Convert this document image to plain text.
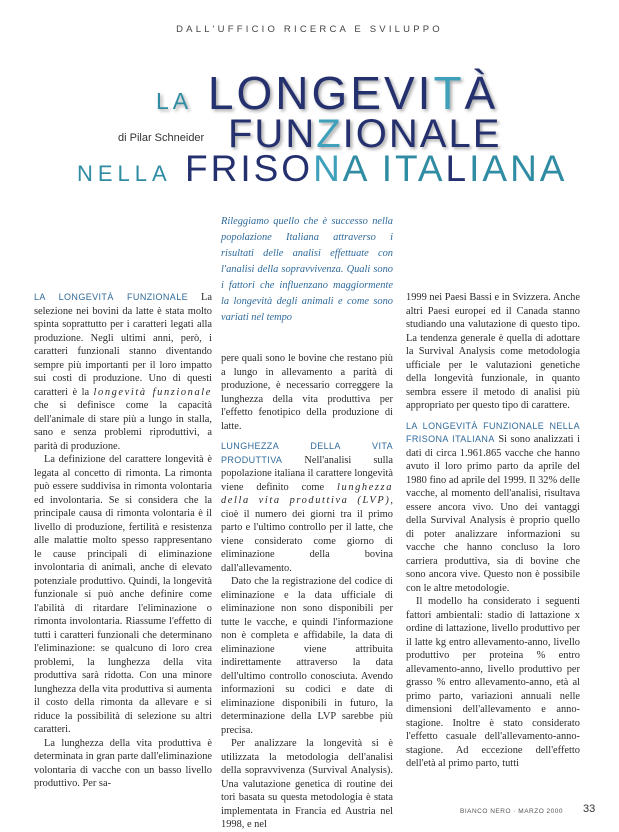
DALL'UFFICIO RICERCA E SVILUPPO
LA LONGEVITÀ
di Pilar Schneider FUNZIONALE
NELLA FRISONA ITALIANA
Rileggiamo quello che è successo nella popolazione Italiana attraverso i risultati delle analisi effettuate con l'analisi della sopravvivenza. Quali sono i fattori che influenzano maggiormente la longevità degli animali e come sono variati nel tempo

LA LONGEVITÀ FUNZIONALE La selezione nei bovini da latte è stata molto spinta soprattutto per i caratteri legati alla produzione. Negli ultimi anni, però, i caratteri funzionali stanno diventando sempre più importanti per il loro impatto sui costi di produzione. Uno di questi caratteri è la longevità funzionale che si definisce come la capacità dell'animale di stare più a lungo in stalla, sano e senza problemi riproduttivi, a parità di produzione.

La definizione del carattere longevità è legata al concetto di rimonta. La rimonta può essere suddivisa in rimonta volontaria ed involontaria. Se si considera che la principale causa di rimonta volontaria è il livello di produzione, fertilità e resistenza alle malattie molto spesso rappresentano le cause principali di eliminazione involontaria di animali, anche di elevato potenziale produttivo. Quindi, la longevità funzionale si può anche definire come l'abilità di ritardare l'eliminazione o rimonta involontaria. Riassume l'effetto di tutti i caratteri funzionali che determinano l'eliminazione: se qualcuno di loro crea problemi, la lunghezza della vita produttiva sarà ridotta. Con una minore lunghezza della vita produttiva si aumenta il costo della rimonta da allevare e si riduce la possibilità di selezione su altri caratteri.

La lunghezza della vita produttiva è determinata in gran parte dall'eliminazione volontaria di vacche con un basso livello produttivo. Per sa-

pere quali sono le bovine che restano più a lungo in allevamento a parità di produzione, è necessario correggere la lunghezza della vita produttiva per l'effetto fenotipico della produzione di latte.

LUNGHEZZA DELLA VITA PRODUTTIVA Nell'analisi sulla popolazione italiana il carattere longevità viene definito come lunghezza della vita produttiva (LVP), cioè il numero dei giorni tra il primo parto e l'ultimo controllo per il latte, che viene considerato come giorno di eliminazione della bovina dall'allevamento.

Dato che la registrazione del codice di eliminazione e la data ufficiale di eliminazione non sono disponibili per tutte le vacche, e quindi l'informazione non è completa e affidabile, la data di eliminazione viene attribuita indirettamente attraverso la data dell'ultimo controllo conosciuta. Avendo informazioni su codici e date di eliminazione disponibili in futuro, la determinazione della LVP sarebbe più precisa.

Per analizzare la longevità si è utilizzata la metodologia dell'analisi della sopravvivenza (Survival Analysis). Una valutazione genetica di routine dei tori basata su questa metodologia è stata implementata in Francia ed Austria nel 1998, e nel

1999 nei Paesi Bassi e in Svizzera. Anche altri Paesi europei ed il Canada stanno studiando una valutazione di questo tipo. La tendenza generale è quella di adottare la Survival Analysis come metodologia ufficiale per le valutazioni genetiche della longevità funzionale, in quanto sembra essere il metodo di analisi più appropriato per questo tipo di carattere.

LA LONGEVITÀ FUNZIONALE NELLA FRISONA ITALIANA Si sono analizzati i dati di circa 1.961.865 vacche che hanno avuto il loro primo parto da aprile del 1980 fino ad aprile del 1999. Il 32% delle vacche, al momento dell'analisi, risultava essere ancora vivo. Uno dei vantaggi della Survival Analysis è proprio quello di poter analizzare informazioni su vacche che hanno concluso la loro carriera produttiva, sia di bovine che sono ancora vive. Questo non è possibile con le altre metodologie.

Il modello ha considerato i seguenti fattori ambientali: stadio di lattazione x ordine di lattazione, livello produttivo per il latte kg entro allevamento-anno, livello produttivo per proteina % entro allevamento-anno, livello produttivo per grasso % entro allevamento-anno, età al primo parto, variazioni annuali nelle dimensioni dell'allevamento e anno-stagione. Inoltre è stato considerato l'effetto casuale dell'allevamento-anno-stagione. Ad eccezione dell'effetto dell'età al primo parto, tutti

BIANCO NERO · MARZO 2000 33
